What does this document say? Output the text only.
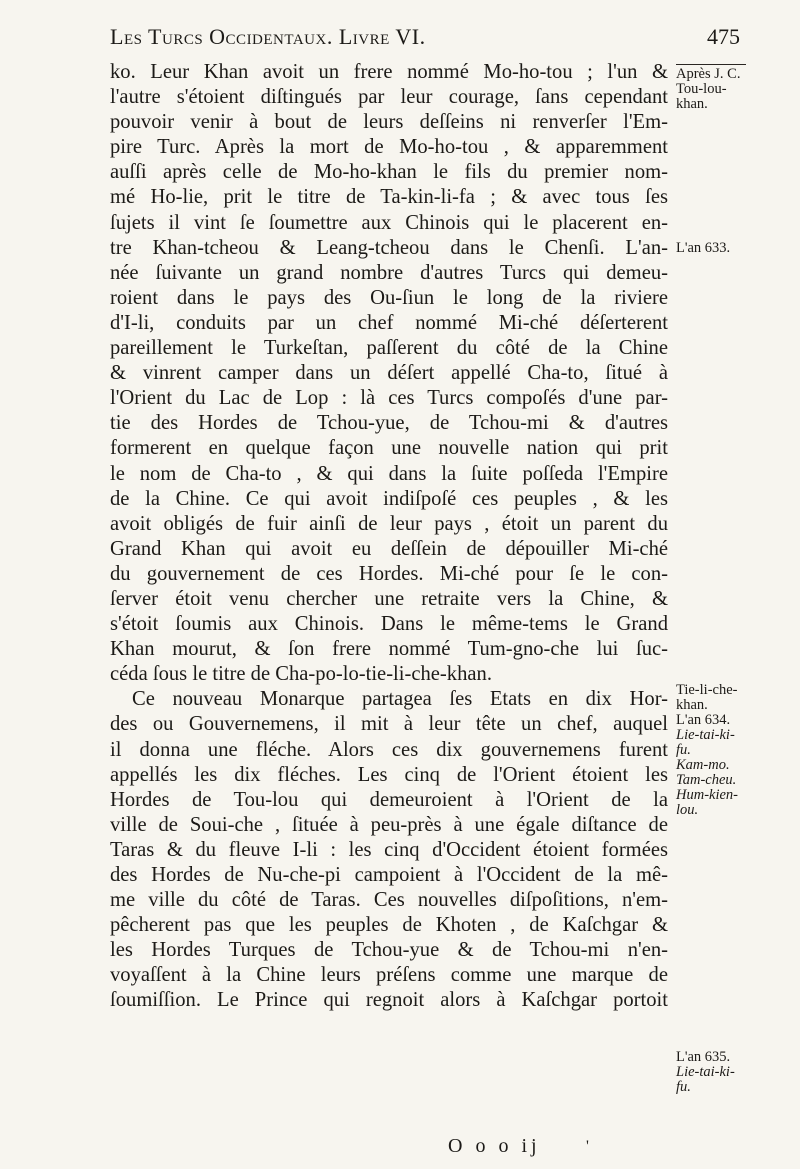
Les Turcs Occidentaux. Livre VI.	475
ko. Leur Khan avoit un frere nommé Mo-ho-tou ; l'un &
l'autre s'étoient diſtingués par leur courage, ſans cependant
pouvoir venir à bout de leurs deſſeins ni renverſer l'Em-
pire Turc. Après la mort de Mo-ho-tou , & apparemment
auſſi après celle de Mo-ho-khan le fils du premier nom-
mé Ho-lie, prit le titre de Ta-kin-li-fa ; & avec tous ſes
ſujets il vint ſe ſoumettre aux Chinois qui le placerent en-
tre Khan-tcheou & Leang-tcheou dans le Chenſi. L'an-
née ſuivante un grand nombre d'autres Turcs qui demeu-
roient dans le pays des Ou-ſiun le long de la riviere
d'I-li, conduits par un chef nommé Mi-ché déſerterent
pareillement le Turkeſtan, paſſerent du côté de la Chine
& vinrent camper dans un déſert appellé Cha-to, ſitué à
l'Orient du Lac de Lop : là ces Turcs compoſés d'une par-
tie des Hordes de Tchou-yue, de Tchou-mi & d'autres
formerent en quelque façon une nouvelle nation qui prit
le nom de Cha-to , & qui dans la ſuite poſſeda l'Empire
de la Chine. Ce qui avoit indiſpoſé ces peuples , & les
avoit obligés de fuir ainſi de leur pays , étoit un parent du
Grand Khan qui avoit eu deſſein de dépouiller Mi-ché
du gouvernement de ces Hordes. Mi-ché pour ſe le con-
ſerver étoit venu chercher une retraite vers la Chine, &
s'étoit ſoumis aux Chinois. Dans le même-tems le Grand
Khan mourut, & ſon frere nommé Tum-gno-che lui ſuc-
céda ſous le titre de Cha-po-lo-tie-li-che-khan.
Ce nouveau Monarque partagea ſes Etats en dix Hor-
des ou Gouvernemens, il mit à leur tête un chef, auquel
il donna une fléche. Alors ces dix gouvernemens furent
appellés les dix fléches. Les cinq de l'Orient étoient les
Hordes de Tou-lou qui demeuroient à l'Orient de la
ville de Soui-che , ſituée à peu-près à une égale diſtance de
Taras & du fleuve I-li : les cinq d'Occident étoient formées
des Hordes de Nu-che-pi campoient à l'Occident de la mê-
me ville du côté de Taras. Ces nouvelles diſpoſitions, n'em-
pêcherent pas que les peuples de Khoten , de Kaſchgar &
les Hordes Turques de Tchou-yue & de Tchou-mi n'en-
voyaſſent à la Chine leurs préſens comme une marque de
ſoumiſſion. Le Prince qui regnoit alors à Kaſchgar portoit
O o o ij	'
Après J. C.
Tou-lou-
khan.
L'an 633.
Tie-li-che-
khan.
L'an 634.
Lie-tai-ki-
fu.
Kam-mo.
Tam-cheu.
Hum-kien-
lou.
L'an 635.
Lie-tai-ki-
fu.
